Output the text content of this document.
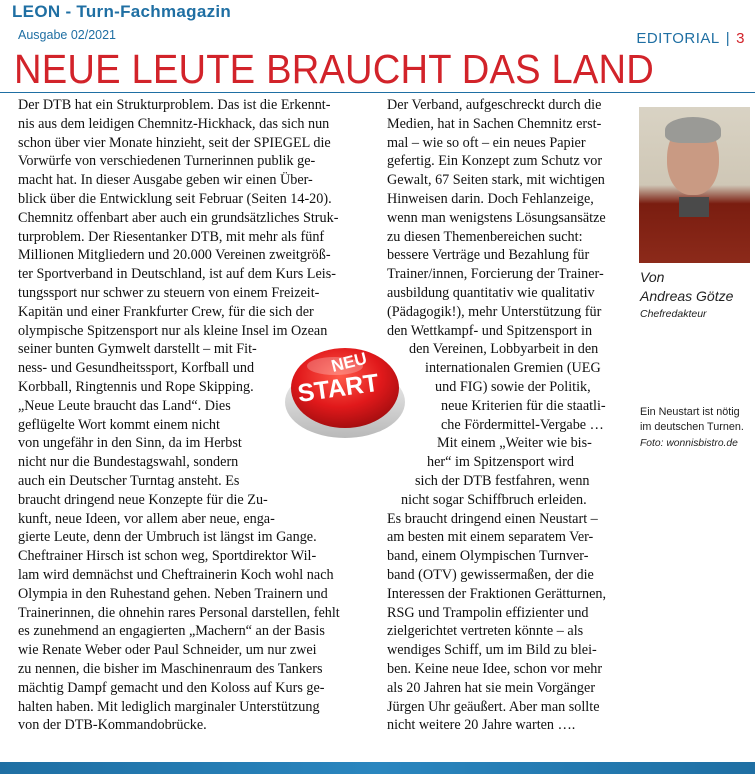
LEON - Turn-Fachmagazin
Ausgabe 02/2021	EDITORIAL | 3
NEUE LEUTE BRAUCHT DAS LAND
Der DTB hat ein Strukturproblem. Das ist die Erkennt-
nis aus dem leidigen Chemnitz-Hickhack, das sich nun
schon über vier Monate hinzieht, seit der SPIEGEL die
Vorwürfe von verschiedenen Turnerinnen publik ge-
macht hat. In dieser Ausgabe geben wir einen Über-
blick über die Entwicklung seit Februar (Seiten 14-20).
Chemnitz offenbart aber auch ein grundsätzliches Struk-
turproblem. Der Riesentanker DTB, mit mehr als fünf
Millionen Mitgliedern und 20.000 Vereinen zweitgröß-
ter Sportverband in Deutschland, ist auf dem Kurs Leis-
tungssport nur schwer zu steuern von einem Freizeit-
Kapitän und einer Frankfurter Crew, für die sich der
olympische Spitzensport nur als kleine Insel im Ozean
seiner bunten Gymwelt darstellt – mit Fit-
ness- und Gesundheitssport, Korfball und
Korbball, Ringtennis und Rope Skipping.
„Neue Leute braucht das Land“. Dies
geflügelte Wort kommt einem nicht
von ungefähr in den Sinn, da im Herbst
nicht nur die Bundestagswahl, sondern
auch ein Deutscher Turntag ansteht. Es
braucht dringend neue Konzepte für die Zu-
kunft, neue Ideen, vor allem aber neue, enga-
gierte Leute, denn der Umbruch ist längst im Gange.
Cheftrainer Hirsch ist schon weg, Sportdirektor Wil-
lam wird demnächst und Cheftrainerin Koch wohl nach
Olympia in den Ruhestand gehen. Neben Trainern und
Trainerinnen, die ohnehin rares Personal darstellen, fehlt
es zunehmend an engagierten „Machern“ an der Basis
wie Renate Weber oder Paul Schneider, um nur zwei
zu nennen, die bisher im Maschinenraum des Tankers
mächtig Dampf gemacht und den Koloss auf Kurs ge-
halten haben. Mit lediglich marginaler Unterstützung
von der DTB-Kommandobrücke.
Der Verband, aufgeschreckt durch die
Medien, hat in Sachen Chemnitz erst-
mal – wie so oft – ein neues Papier
gefertig. Ein Konzept zum Schutz vor
Gewalt, 67 Seiten stark, mit wichtigen
Hinweisen darin. Doch Fehlanzeige,
wenn man wenigstens Lösungsansätze
zu diesen Themenbereichen sucht:
bessere Verträge und Bezahlung für
Trainer/innen, Forcierung der Trainer-
ausbildung quantitativ wie qualitativ
(Pädagogik!), mehr Unterstützung für
den Wettkampf- und Spitzensport in
den Vereinen, Lobbyarbeit in den
internationalen Gremien (UEG
und FIG) sowie der Politik,
neue Kriterien für die staatli-
che Fördermittel-Vergabe …
Mit einem „Weiter wie bis-
her“ im Spitzensport wird
sich der DTB festfahren, wenn
nicht sogar Schiffbruch erleiden.
Es braucht dringend einen Neustart –
am besten mit einem separatem Ver-
band, einem Olympischen Turnver-
band (OTV) gewissermaßen, der die
Interessen der Fraktionen Gerätturnen,
RSG und Trampolin effizienter und
zielgerichtet vertreten könnte – als
wendiges Schiff, um im Bild zu blei-
ben. Keine neue Idee, schon vor mehr
als 20 Jahren hat sie mein Vorgänger
Jürgen Uhr geäußert. Aber man sollte
nicht weitere 20 Jahre warten ….
NEU
START
Von
Andreas Götze
Chefredakteur
Ein Neustart ist nötig
im deutschen Turnen.
Foto: wonnisbistro.de
